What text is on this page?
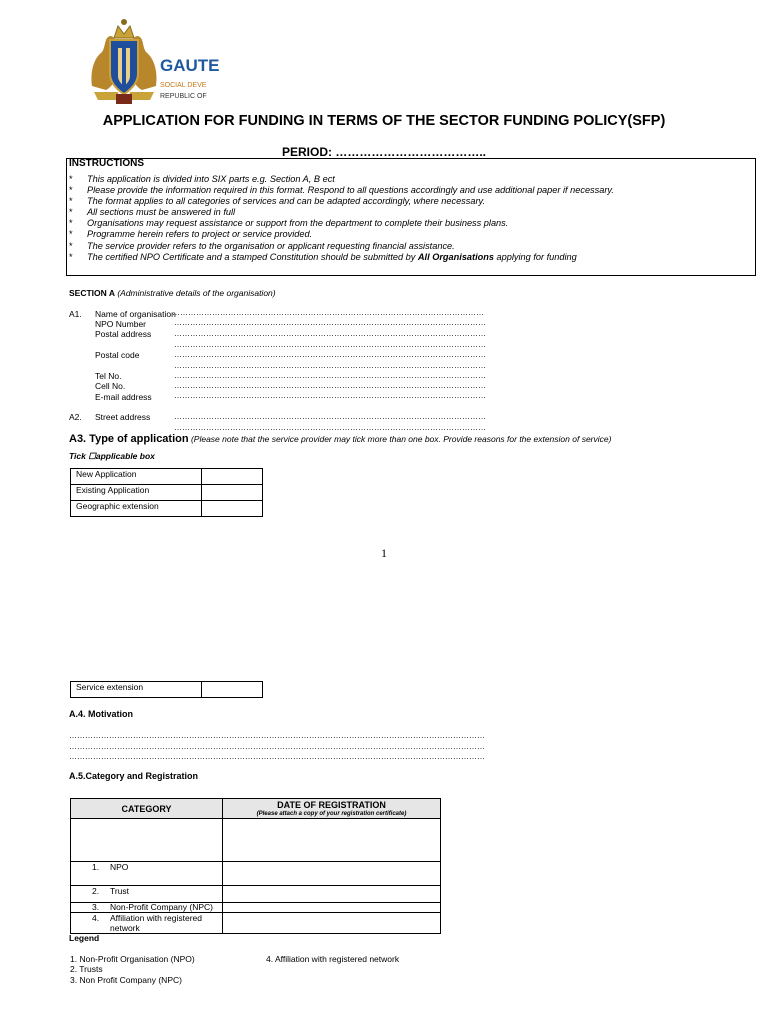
GAUTE
SOCIAL DEVE
REPUBLIC OF
APPLICATION FOR FUNDING IN TERMS OF THE SECTOR FUNDING POLICY(SFP)
PERIOD: ………………………………..
INSTRUCTIONS
* This application is divided into SIX parts e.g. Section A, B ect
* Please provide the information required in this format. Respond to all questions accordingly and use additional paper if necessary.
* The format applies to all categories of services and can be adapted accordingly, where necessary.
* All sections must be answered in full
* Organisations may request assistance or support from the department to complete their business plans.
* Programme herein refers to project or service provided.
* The service provider refers to the organisation or applicant requesting financial assistance.
* The certified NPO Certificate and a stamped Constitution should be submitted by All Organisations applying for funding
SECTION A (Administrative details of the organisation)
A1. Name of organisation
………………………………………………………………………………………………………
NPO Number	………………………………………………………………………………………………………
Postal address	………………………………………………………………………………………………………
………………………………………………………………………………………………………
Postal code	………………………………………………………………………………………………………
………………………………………………………………………………………………………
Tel No.	………………………………………………………………………………………………………
Cell No.	………………………………………………………………………………………………………
E-mail address	………………………………………………………………………………………………………
A2. Street address	………………………………………………………………………………………………………
………………………………………………………………………………………………………
A3. Type of application (Please note that the service provider may tick more than one box. Provide reasons for the extension of service)
Tick ☐applicable box
New Application	
Existing Application	
Geographic extension	
1
Service extension	
A.4. Motivation
…………………………………………………………………………………………………………………………………………
…………………………………………………………………………………………………………………………………………
…………………………………………………………………………………………………………………………………………
A.5.Category and Registration
CATEGORY	DATE OF REGISTRATION
(Please attach a copy of your registration certificate)

1. NPO	
2. Trust	
3. Non-Profit Company (NPC)	
4. Affiliation with registered
network	
Legend
1. Non-Profit Organisation (NPO)
2. Trusts
3. Non Profit Company (NPC)
4. Affiliation with registered network
